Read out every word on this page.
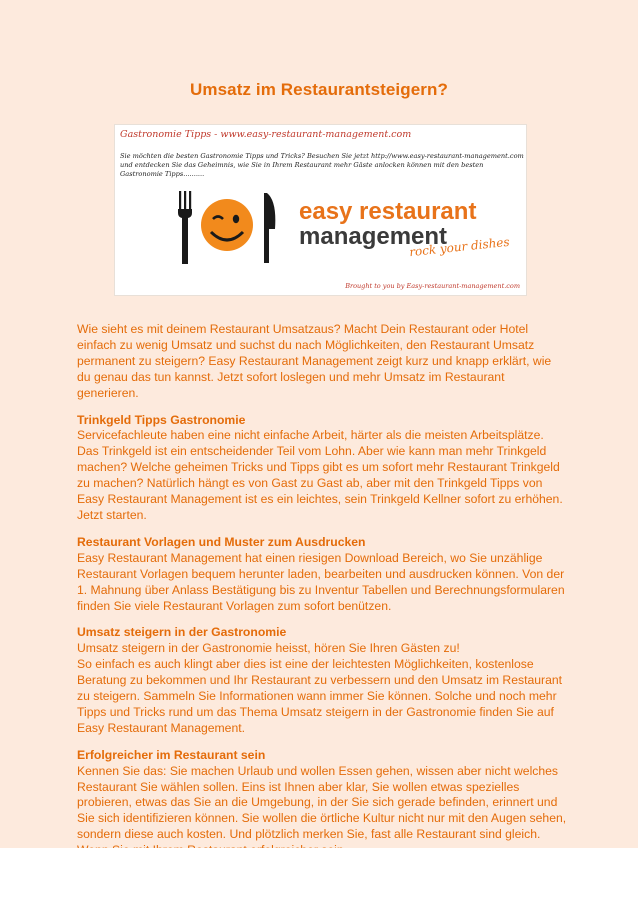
Umsatz im Restaurantsteigern?
Gastronomie Tipps - www.easy-restaurant-management.com
Sie möchten die besten Gastronomie Tipps und Tricks? Besuchen Sie jetzt http://www.easy-restaurant-management.com und entdecken Sie das Geheimnis, wie Sie in Ihrem Restaurant mehr Gäste anlocken können mit den besten Gastronomie Tipps..........
easy restaurant
management
rock your dishes
Brought to you by Easy-restaurant-management.com

Wie sieht es mit deinem Restaurant Umsatzaus? Macht Dein Restaurant oder Hotel einfach zu wenig Umsatz und suchst du nach Möglichkeiten, den Restaurant Umsatz permanent zu steigern? Easy Restaurant Management zeigt kurz und knapp erklärt, wie du genau das tun kannst. Jetzt sofort loslegen und mehr Umsatz im Restaurant generieren.

Trinkgeld Tipps Gastronomie
Servicefachleute haben eine nicht einfache Arbeit, härter als die meisten Arbeitsplätze. Das Trinkgeld ist ein entscheidender Teil vom Lohn. Aber wie kann man mehr Trinkgeld machen? Welche geheimen Tricks und Tipps gibt es um sofort mehr Restaurant Trinkgeld zu machen? Natürlich hängt es von Gast zu Gast ab, aber mit den Trinkgeld Tipps von Easy Restaurant Management ist es ein leichtes, sein Trinkgeld Kellner sofort zu erhöhen. Jetzt starten.

Restaurant Vorlagen und Muster zum Ausdrucken
Easy Restaurant Management hat einen riesigen Download Bereich, wo Sie unzählige Restaurant Vorlagen bequem herunter laden, bearbeiten und ausdrucken können. Von der 1. Mahnung über Anlass Bestätigung bis zu Inventur Tabellen und Berechnungsformularen finden Sie viele Restaurant Vorlagen zum sofort benützen.

Umsatz steigern in der Gastronomie
Umsatz steigern in der Gastronomie heisst, hören Sie Ihren Gästen zu!
So einfach es auch klingt aber dies ist eine der leichtesten Möglichkeiten, kostenlose Beratung zu bekommen und Ihr Restaurant zu verbessern und den Umsatz im Restaurant zu steigern. Sammeln Sie Informationen wann immer Sie können. Solche und noch mehr Tipps und Tricks rund um das Thema Umsatz steigern in der Gastronomie finden Sie auf Easy Restaurant Management.

Erfolgreicher im Restaurant sein
Kennen Sie das: Sie machen Urlaub und wollen Essen gehen, wissen aber nicht welches Restaurant Sie wählen sollen. Eins ist Ihnen aber klar, Sie wollen etwas spezielles probieren, etwas das Sie an die Umgebung, in der Sie sich gerade befinden, erinnert und Sie sich identifizieren können. Sie wollen die örtliche Kultur nicht nur mit den Augen sehen, sondern diese auch kosten. Und plötzlich merken Sie, fast alle Restaurant sind gleich.
